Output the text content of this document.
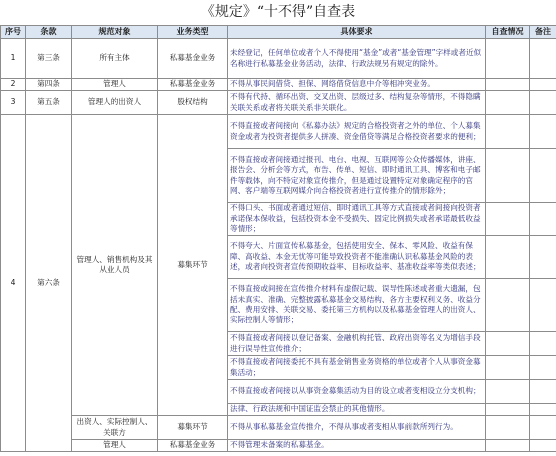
《规定》“十不得”自查表
序号	条款	规范对象	业务类型	具体要求	自查情况	备注
1	第三条	所有主体	私募基金业务	未经登记，任何单位或者个人不得使用“基金”或者“基金管理”字样或者近似名称进行私募基金业务活动，法律、行政法规另有规定的除外。		
2	第四条	管理人	私募基金业务	不得从事民间借贷、担保、网络借贷信息中介等相冲突业务。		
3	第五条	管理人的出资人	股权结构	不得有代持、循环出资、交叉出资、层级过多、结构复杂等情形，不得隐瞒关联关系或者将关联关系非关联化。		
4	第六条	管理人、销售机构及其从业人员	募集环节	不得直接或者间接向《私募办法》规定的合格投资者之外的单位、个人募集资金或者为投资者提供多人拼凑、资金借贷等满足合格投资者要求的便利；		
				不得直接或者间接通过报刊、电台、电视、互联网等公众传播媒体，讲座、报告会、分析会等方式，布告、传单、短信、即时通讯工具、博客和电子邮件等载体，向不特定对象宣传推介，但是通过设置特定对象确定程序的官网、客户端等互联网媒介向合格投资者进行宣传推介的情形除外；		
				不得口头、书面或者通过短信、即时通讯工具等方式直接或者间接向投资者承诺保本保收益，包括投资本金不受损失、固定比例损失或者承诺最低收益等情形；		
				不得夸大、片面宣传私募基金，包括使用安全、保本、零风险、收益有保障、高收益、本金无忧等可能导致投资者不能准确认识私募基金风险的表述，或者向投资者宣传预期收益率、目标收益率、基准收益率等类似表述；		
				不得直接或间接在宣传推介材料有虚假记载、误导性陈述或者重大遗漏，包括未真实、准确、完整披露私募基金交易结构、各方主要权利义务、收益分配、费用安排、关联交易、委托第三方机构以及私募基金管理人的出资人、实际控制人等情形；		
				不得直接或者间接以登记备案、金融机构托管、政府出资等名义为增信手段进行误导性宣传推介；		
				不得直接或者间接委托不具有基金销售业务资格的单位或者个人从事资金募集活动；		
				不得直接或者间接以从事资金募集活动为目的设立或者变相设立分支机构；		
				法律、行政法规和中国证监会禁止的其他情形。		
		出资人、实际控制人、关联方	募集环节	不得从事私募基金宣传推介，不得从事或者变相从事前款所列行为。		
		管理人	私募基金业务	不得管理未备案的私募基金。		
